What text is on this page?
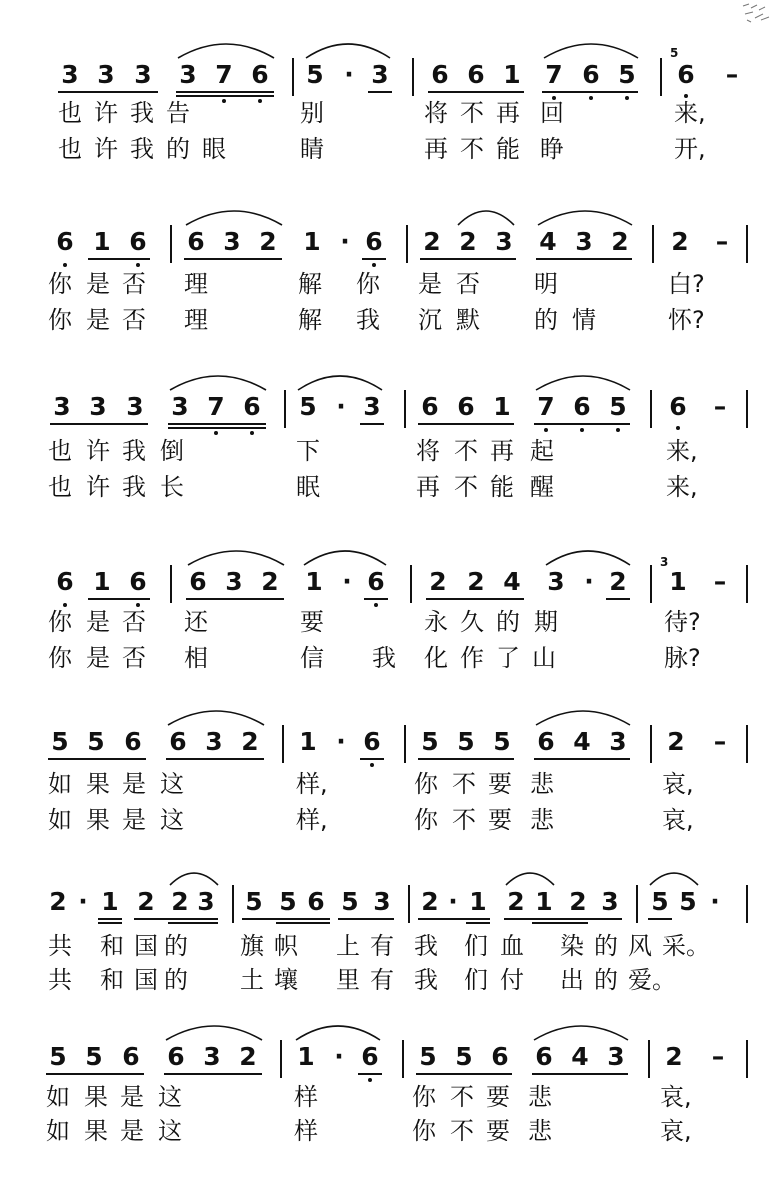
3 3 3 3 7 6 5 · 3 6 6 1 7 6 5
5
6 –
也 许 我 告	别	将 不 再 回	来,
也 许 我 的 眼	睛	再 不 能 睁	开,
6 1 6 6 3 2 1 · 6 2 2 3 4 3 2 2 –
你 是 否 理	解 你 是 否 明	白?
你 是 否 理	解 我 沉 默 的 情	怀?
3 3 3 3 7 6 5 · 3 6 6 1 7 6 5 6 –
也 许 我 倒	下	将 不 再 起	来,
也 许 我 长	眠	再 不 能 醒	来,
6 1 6 6 3 2 1 · 6 2 2 4 3 · 2
3
1 –
你 是 否 还	要	永 久 的 期	待?
你 是 否 相	信 我 化 作 了 山	脉?
5 5 6 6 3 2 1 · 6 5 5 5 6 4 3 2 –
如 果 是 这	样,	你 不 要 悲	哀,
如 果 是 这	样,	你 不 要 悲	哀,
2 · 1 2 2 3 5 5 6 5 3 2 · 1 2 1 2 3 5 5 ·
共 和 国 的 旗 帜 上 有 我 们 血 染 的 风 采。
共 和 国 的 土 壤 里 有 我 们 付 出 的 爱。
5 5 6 6 3 2 1 · 6 5 5 6 6 4 3 2 –
如 果 是 这	样	你 不 要 悲	哀,
如 果 是 这	样	你 不 要 悲	哀,
